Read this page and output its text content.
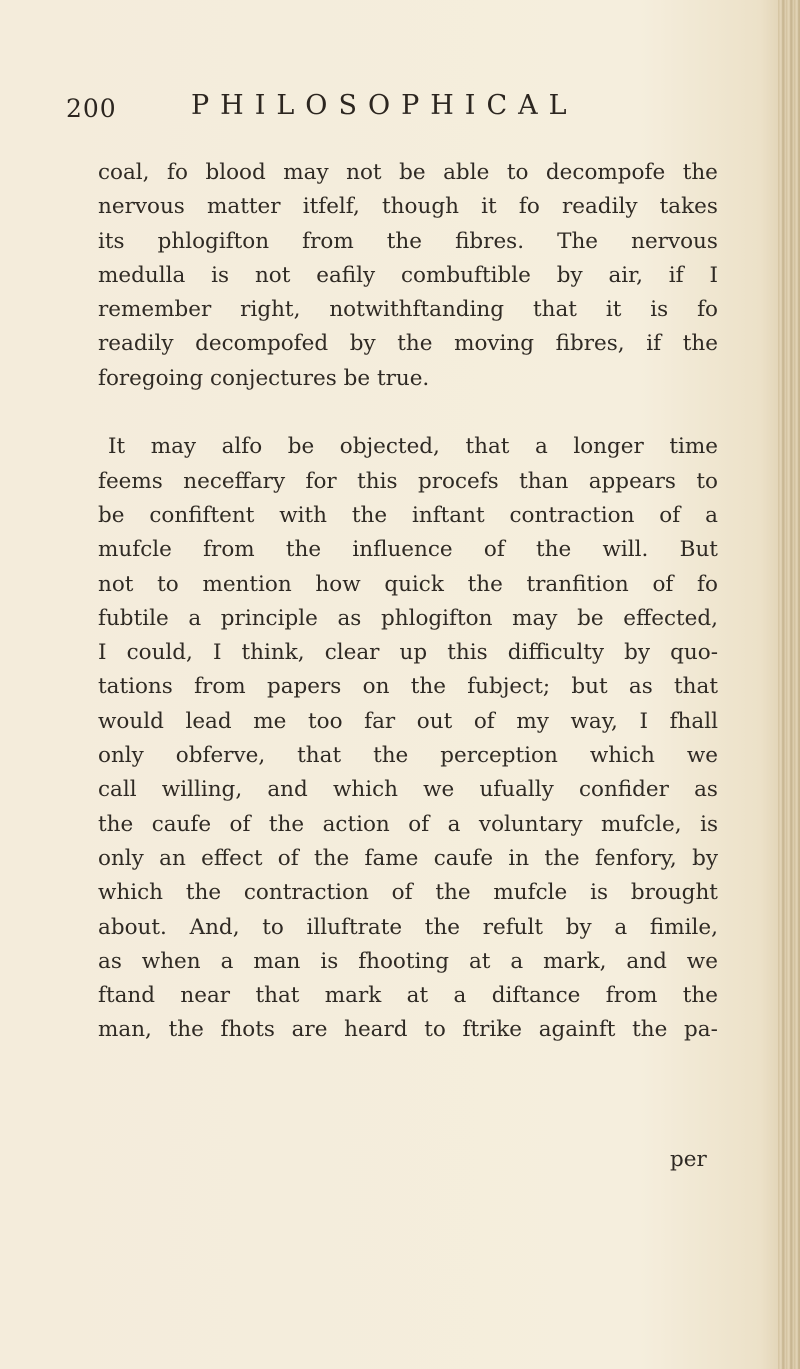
200	PHILOSOPHICAL
coal, fo blood may not be able to decompofe the
nervous matter itfelf, though it fo readily takes
its phlogifton from the fibres. The nervous
medulla is not eafily combuftible by air, if I
remember right, notwithftanding that it is fo
readily decompofed by the moving fibres, if the
foregoing
conjectures
be
true.

It may alfo be objected, that a longer time
feems neceffary for this procefs than appears to
be confiftent with the inftant contraction of a
mufcle from the influence of the will. But
not to mention how quick the tranfition of fo
fubtile a principle as phlogifton may be effected,
I could, I think, clear up this difficulty by quo-
tations from papers on the fubject; but as that
would lead me too far out of my way, I fhall
only obferve, that the perception which we
call willing, and which we ufually confider as
the caufe of the action of a voluntary mufcle, is
only an effect of the fame caufe in the fenfory, by
which the contraction of the mufcle is brought
about. And, to illuftrate the refult by a fimile,
as when a man is fhooting at a mark, and we
ftand near that mark at a diftance from the
man, the fhots are heard to ftrike againft the pa-
per
